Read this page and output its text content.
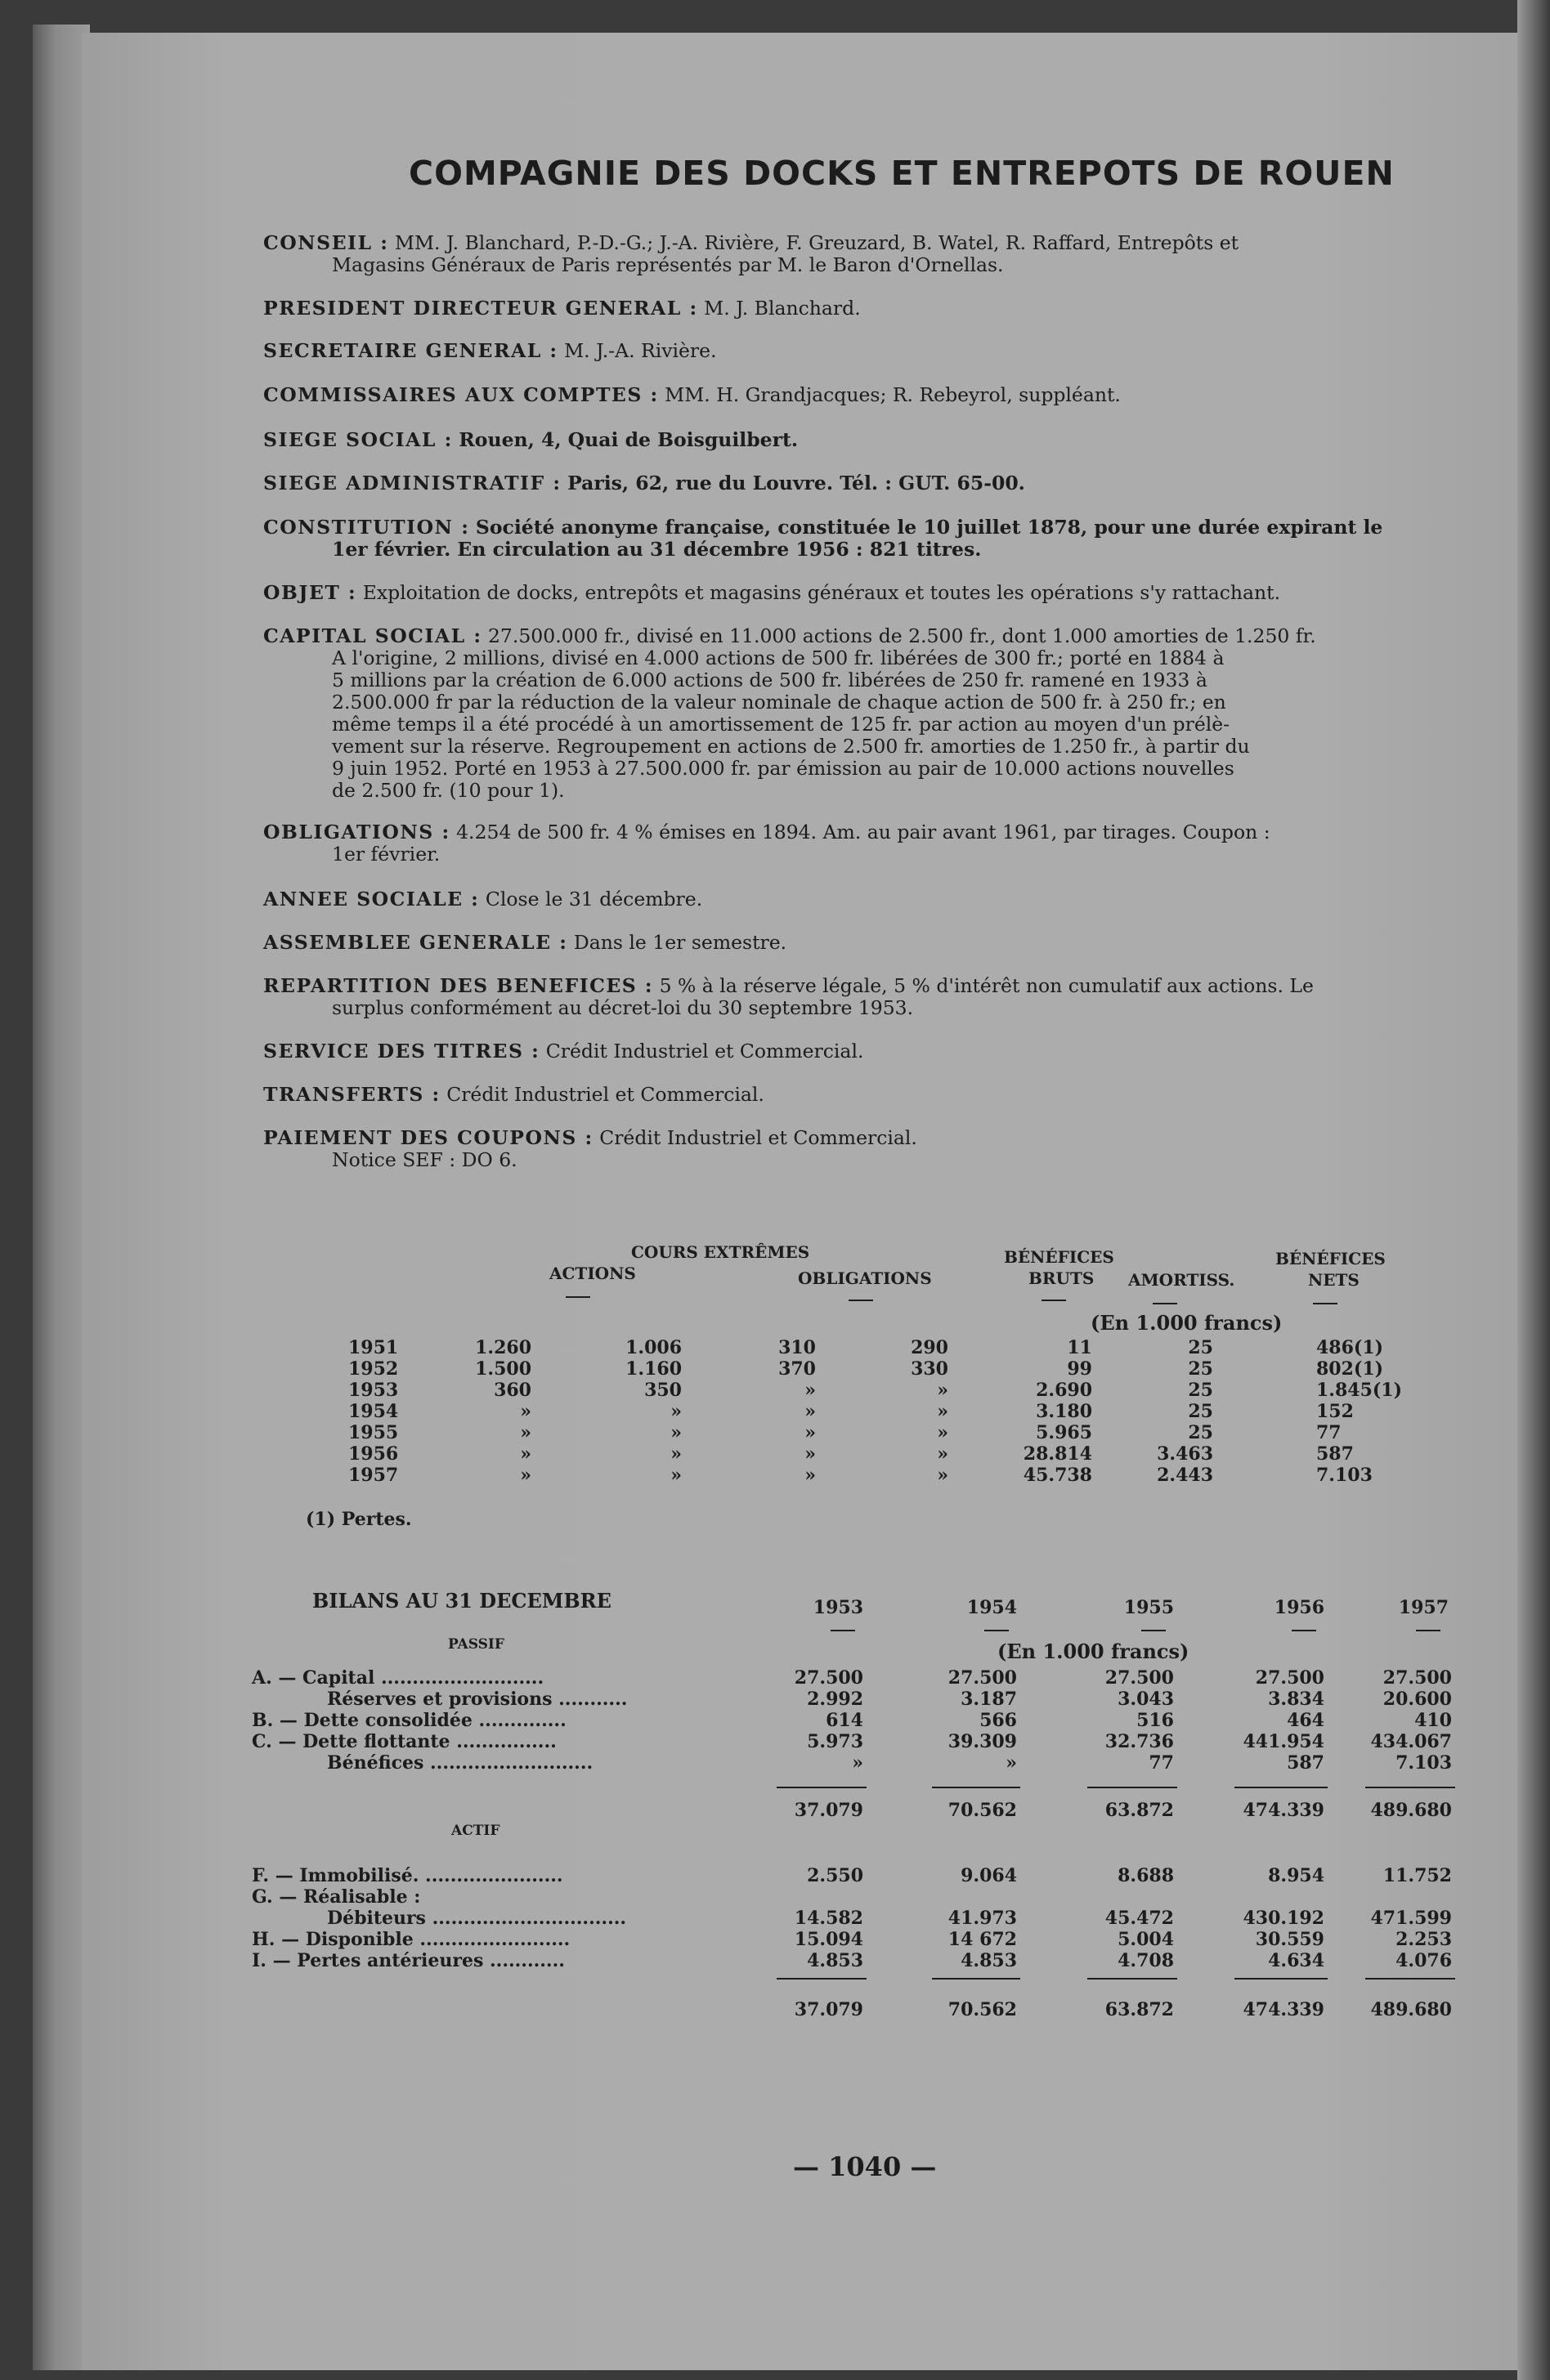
COMPAGNIE DES DOCKS ET ENTREPOTS DE ROUEN
CONSEIL : MM. J. Blanchard, P.-D.-G.; J.-A. Rivière, F. Greuzard, B. Watel, R. Raffard, Entrepôts et
Magasins Généraux de Paris représentés par M. le Baron d'Ornellas.
PRESIDENT DIRECTEUR GENERAL : M. J. Blanchard.
SECRETAIRE GENERAL : M. J.-A. Rivière.
COMMISSAIRES AUX COMPTES : MM. H. Grandjacques; R. Rebeyrol, suppléant.
SIEGE SOCIAL : Rouen, 4, Quai de Boisguilbert.
SIEGE ADMINISTRATIF : Paris, 62, rue du Louvre. Tél. : GUT. 65-00.
CONSTITUTION : Société anonyme française, constituée le 10 juillet 1878, pour une durée expirant le
1er février. En circulation au 31 décembre 1956 : 821 titres.
OBJET : Exploitation de docks, entrepôts et magasins généraux et toutes les opérations s'y rattachant.
CAPITAL SOCIAL : 27.500.000 fr., divisé en 11.000 actions de 2.500 fr., dont 1.000 amorties de 1.250 fr.
A l'origine, 2 millions, divisé en 4.000 actions de 500 fr. libérées de 300 fr.; porté en 1884 à
5 millions par la création de 6.000 actions de 500 fr. libérées de 250 fr. ramené en 1933 à
2.500.000 fr par la réduction de la valeur nominale de chaque action de 500 fr. à 250 fr.; en
même temps il a été procédé à un amortissement de 125 fr. par action au moyen d'un prélè-
vement sur la réserve. Regroupement en actions de 2.500 fr. amorties de 1.250 fr., à partir du
9 juin 1952. Porté en 1953 à 27.500.000 fr. par émission au pair de 10.000 actions nouvelles
de 2.500 fr. (10 pour 1).
OBLIGATIONS : 4.254 de 500 fr. 4 % émises en 1894. Am. au pair avant 1961, par tirages. Coupon :
1er février.
ANNEE SOCIALE : Close le 31 décembre.
ASSEMBLEE GENERALE : Dans le 1er semestre.
REPARTITION DES BENEFICES : 5 % à la réserve légale, 5 % d'intérêt non cumulatif aux actions. Le
surplus conformément au décret-loi du 30 septembre 1953.
SERVICE DES TITRES : Crédit Industriel et Commercial.
TRANSFERTS : Crédit Industriel et Commercial.
PAIEMENT DES COUPONS : Crédit Industriel et Commercial.
Notice SEF : DO 6.
COURS EXTRÊMES
ACTIONS	OBLIGATIONS
BÉNÉFICES
BRUTS AMORTISS.
BÉNÉFICES
NETS
(En 1.000 francs)
1951	1.260	1.006	310	290	11	25	486(1)
1952	1.500	1.160	370	330	99	25	802(1)
1953	360	350	»	»	2.690	25	1.845(1)
1954	»	»	»	»	3.180	25	152
1955	»	»	»	»	5.965	25	77
1956	»	»	»	»	28.814	3.463	587
1957	»	»	»	»	45.738	2.443	7.103
(1) Pertes.
BILANS AU 31 DECEMBRE	1953	1954	1955	1956	1957
(En 1.000 francs)
PASSIF
A. — Capital ..........................	27.500	27.500	27.500	27.500	27.500
Réserves et provisions ...........	2.992	3.187	3.043	3.834	20.600
B. — Dette consolidée ..............	614	566	516	464	410
C. — Dette flottante ................	5.973	39.309	32.736	441.954	434.067
Bénéfices ..........................	»	»	77	587	7.103
37.079	70.562	63.872	474.339	489.680
ACTIF
F. — Immobilisé. ......................	2.550	9.064	8.688	8.954	11.752
G. — Réalisable :
Débiteurs ...............................	14.582	41.973	45.472	430.192	471.599
H. — Disponible ........................	15.094	14 672	5.004	30.559	2.253
I. — Pertes antérieures ............	4.853	4.853	4.708	4.634	4.076
37.079	70.562	63.872	474.339	489.680
— 1040 —
